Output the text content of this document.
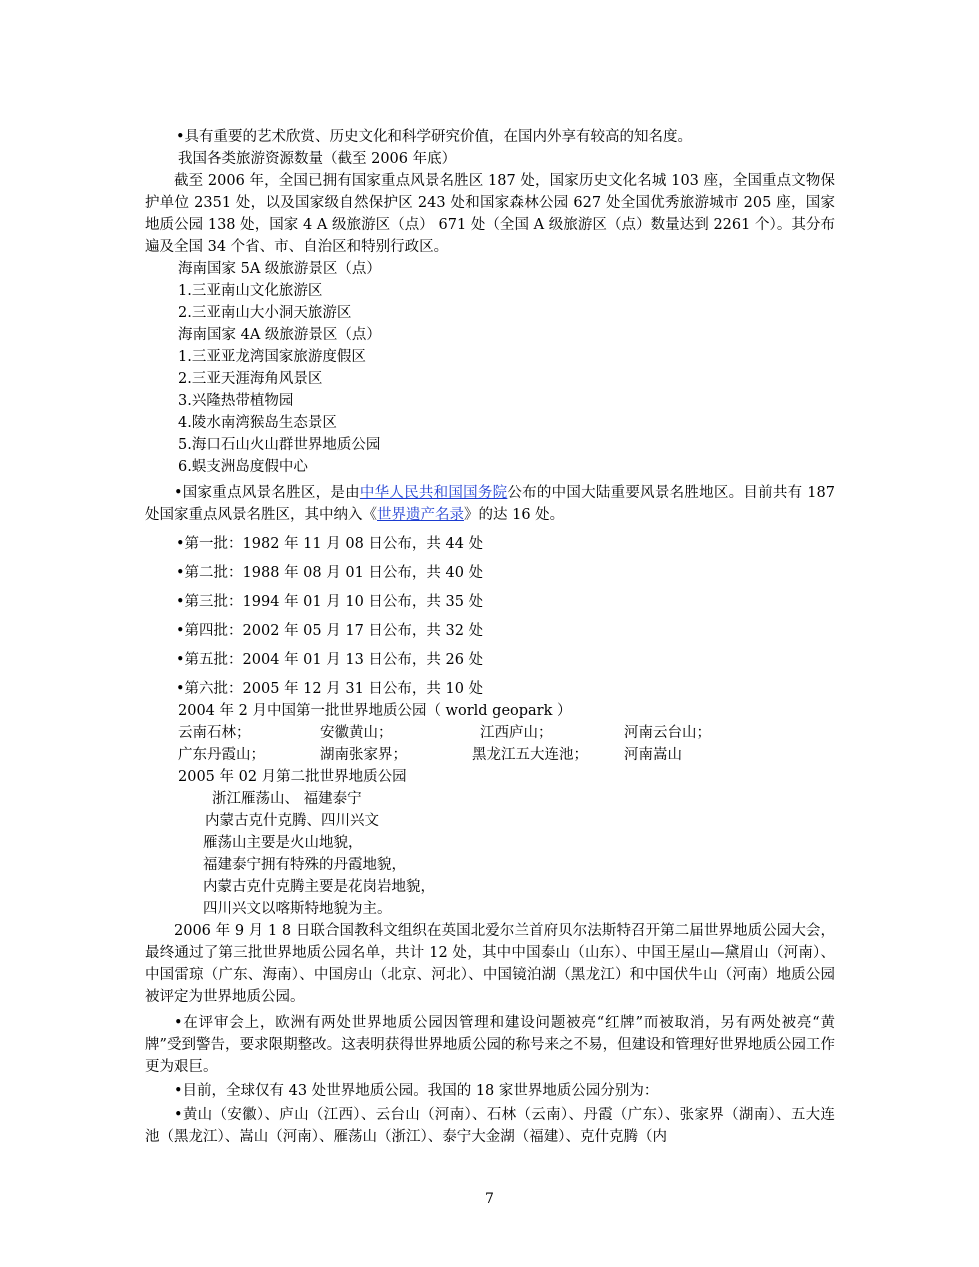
•具有重要的艺术欣赏、历史文化和科学研究价值，在国内外享有较高的知名度。
我国各类旅游资源数量（截至 2006 年底）
截至 2006 年，全国已拥有国家重点风景名胜区 187 处，国家历史文化名城 103 座，全国重点文物保护单位 2351 处，以及国家级自然保护区 243 处和国家森林公园 627 处全国优秀旅游城市 205 座，国家地质公园 138 处，国家 4 A 级旅游区（点） 671 处（全国 A 级旅游区（点）数量达到 2261 个）。其分布遍及全国 34 个省、市、自治区和特别行政区。
海南国家 5A 级旅游景区（点）
1.三亚南山文化旅游区
2.三亚南山大小洞天旅游区
海南国家 4A 级旅游景区（点）
1.三亚亚龙湾国家旅游度假区
2.三亚天涯海角风景区
3.兴隆热带植物园
4.陵水南湾猴岛生态景区
5.海口石山火山群世界地质公园
6.蜈支洲岛度假中心
•国家重点风景名胜区，是由中华人民共和国国务院公布的中国大陆重要风景名胜地区。目前共有 187 处国家重点风景名胜区，其中纳入《世界遗产名录》的达 16 处。
•第一批：1982 年 11 月 08 日公布，共 44 处
•第二批：1988 年 08 月 01 日公布，共 40 处
•第三批：1994 年 01 月 10 日公布，共 35 处
•第四批：2002 年 05 月 17 日公布，共 32 处
•第五批：2004 年 01 月 13 日公布，共 26 处
•第六批：2005 年 12 月 31 日公布，共 10 处
2004 年 2 月中国第一批世界地质公园（ world geopark ）
云南石林；	安徽黄山；	江西庐山；	河南云台山；
广东丹霞山；	湖南张家界；	黑龙江五大连池； 河南嵩山
2005 年 02 月第二批世界地质公园
浙江雁荡山、 福建泰宁
内蒙古克什克腾、四川兴文
雁荡山主要是火山地貌，
福建泰宁拥有特殊的丹霞地貌，
内蒙古克什克腾主要是花岗岩地貌，
四川兴文以喀斯特地貌为主。
2006 年 9 月 1 8 日联合国教科文组织在英国北爱尔兰首府贝尔法斯特召开第二届世界地质公园大会，最终通过了第三批世界地质公园名单，共计 12 处，其中中国泰山（山东）、中国王屋山—黛眉山（河南）、中国雷琼（广东、海南）、中国房山（北京、河北）、中国镜泊湖（黑龙江）和中国伏牛山（河南）地质公园被评定为世界地质公园。
•在评审会上，欧洲有两处世界地质公园因管理和建设问题被亮“红牌”而被取消，另有两处被亮“黄牌”受到警告，要求限期整改。这表明获得世界地质公园的称号来之不易，但建设和管理好世界地质公园工作更为艰巨。
•目前，全球仅有 43 处世界地质公园。我国的 18 家世界地质公园分别为：
•黄山（安徽）、庐山（江西）、云台山（河南）、石林（云南）、丹霞（广东）、张家界（湖南）、五大连池（黑龙江）、嵩山（河南）、雁荡山（浙江）、泰宁大金湖（福建）、克什克腾（内
7
